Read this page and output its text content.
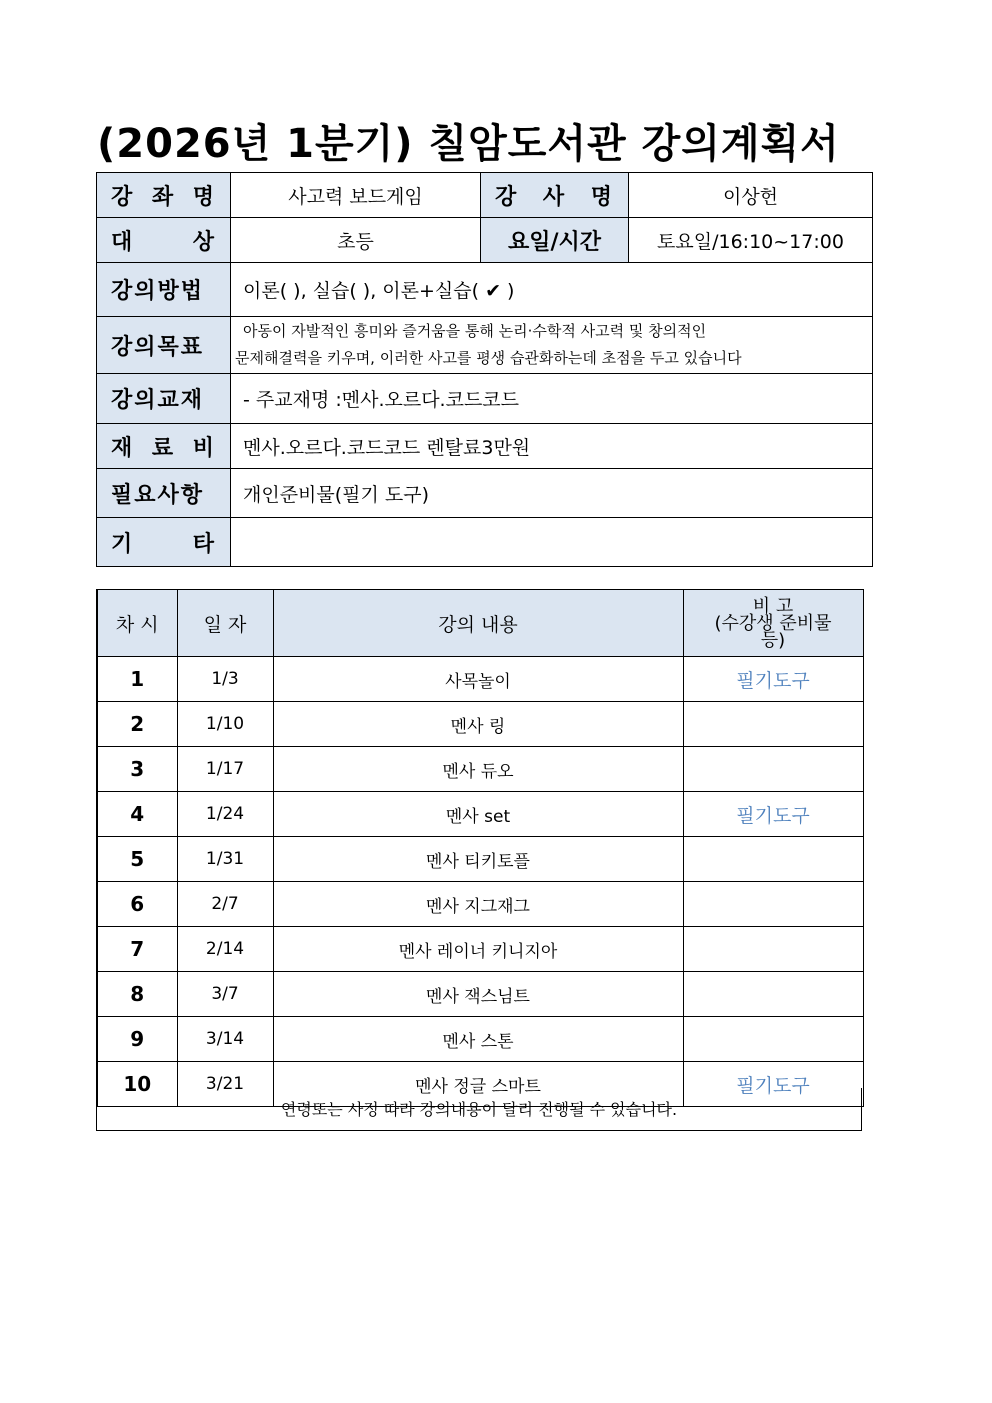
(2026년 1분기) 칠암도서관 강의계획서
강 좌 명	사고력 보드게임	강 사 명	이상헌
대 상	초등	요일/시간	토요일/16:10~17:00
강의방법	이론( ), 실습( ), 이론+실습( ✔ )		
강의목표	아동이 자발적인 흥미와 즐거움을 통해 논리·수학적 사고력 및 창의적인
문제해결력을 키우며, 이러한 사고를 평생 습관화하는데 초점을 두고 있습니다		

강의교재	- 주교재명 :멘사.오르다.코드코드		
재 료 비	멘사.오르다.코드코드 렌탈료3만원		
필요사항	개인준비물(필기 도구)		
기 타			
차 시	일 자	강의 내용	비 고
(수강생 준비물
등)

1	1/3	사목놀이	필기도구
2	1/10	멘사 링	
3	1/17	멘사 듀오	
4	1/24	멘사 set	필기도구
5	1/31	멘사 티키토플	
6	2/7	멘사 지그재그	
7	2/14	멘사 레이너 키니지아	
8	3/7	멘사 잭스님트	
9	3/14	멘사 스톤	
10	3/21	멘사 정글 스마트	필기도구
연령또는 사정 따라 강의내용이 달리 진행될 수 있습니다.
